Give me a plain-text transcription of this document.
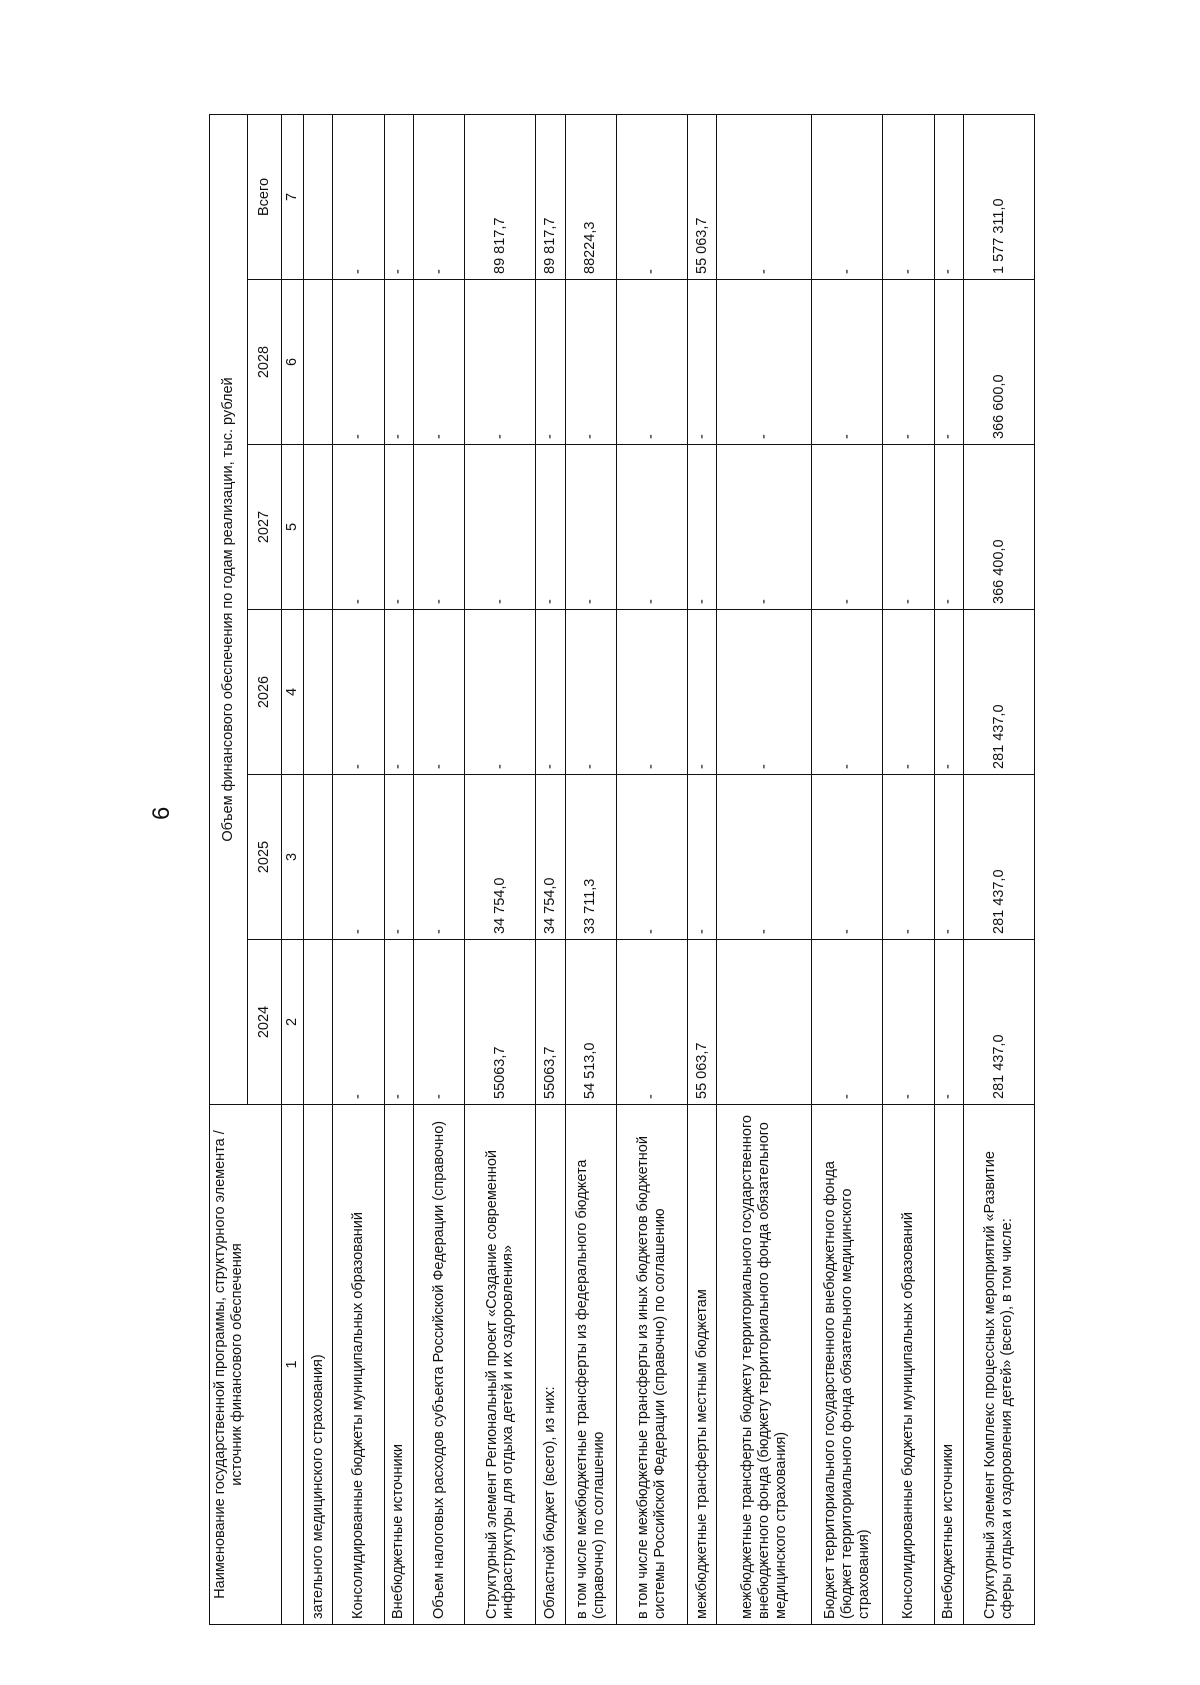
6
Наименование государственной программы, структурного элемента / источник финансового обеспечения	Объем финансового обеспечения по годам реализации, тыс. рублей					
	2024	2025	2026	2027	2028	Всего
1	2	3	4	5	6	7
зательного медицинского страхования)						
Консолидированные бюджеты муниципальных образований	-	-	-	-	-	-
Внебюджетные источники	-	-	-	-	-	-
Объем налоговых расходов субъекта Российской Федерации (справочно)	-	-	-	-	-	-
Структурный элемент Региональный проект «Создание современной инфраструктуры для отдыха детей и их оздоровления»	55063,7	34 754,0	-	-	-	89 817,7
Областной бюджет (всего), из них:	55063,7	34 754,0	-	-	-	89 817,7
в том числе межбюджетные трансферты из федерального бюджета (справочно) по соглашению	54 513,0	33 711,3	-	-	-	88224,3
в том числе межбюджетные трансферты из иных бюджетов бюджетной системы Российской Федерации (справочно) по соглашению	-	-	-	-	-	-
межбюджетные трансферты местным бюджетам	55 063,7	-	-	-	-	55 063,7
межбюджетные трансферты бюджету территориального государственного внебюджетного фонда (бюджету территориального фонда обязательного медицинского страхования)		-	-	-	-	-
Бюджет территориального государственного внебюджетного фонда (бюджет территориального фонда обязательного медицинского страхования)	-	-	-	-	-	-
Консолидированные бюджеты муниципальных образований	-	-	-	-	-	-
Внебюджетные источники	-	-	-	-	-	-
Структурный элемент Комплекс процессных мероприятий «Развитие сферы отдыха и оздоровления детей» (всего), в том числе:	281 437,0	281 437,0	281 437,0	366 400,0	366 600,0	1 577 311,0
